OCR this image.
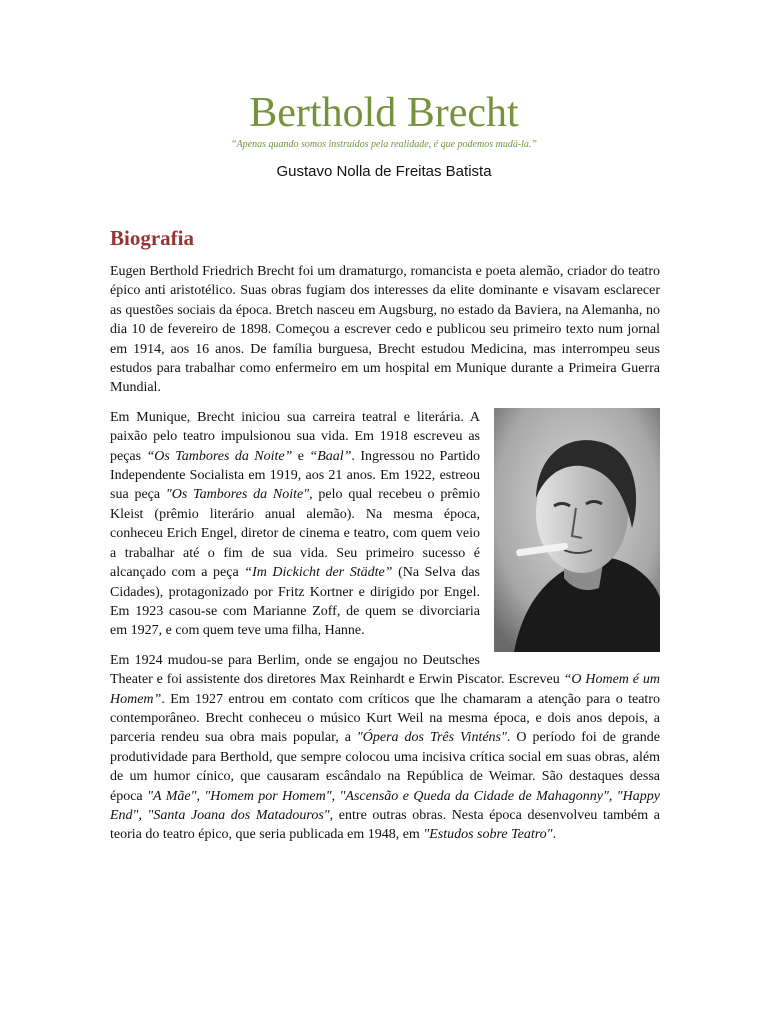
Berthold Brecht
“Apenas quando somos instruídos pela realidade, é que podemos mudá-la.”
Gustavo Nolla de Freitas Batista
Biografia

Eugen Berthold Friedrich Brecht foi um dramaturgo, romancista e poeta alemão, criador do teatro épico anti aristotélico. Suas obras fugiam dos interesses da elite dominante e visavam esclarecer as questões sociais da época. Bretch nasceu em Augsburg, no estado da Baviera, na Alemanha, no dia 10 de fevereiro de 1898. Começou a escrever cedo e publicou seu primeiro texto num jornal em 1914, aos 16 anos. De família burguesa, Brecht estudou Medicina, mas interrompeu seus estudos para trabalhar como enfermeiro em um hospital em Munique durante a Primeira Guerra Mundial.

Em Munique, Brecht iniciou sua carreira teatral e literária. A paixão pelo teatro impulsionou sua vida. Em 1918 escreveu as peças “Os Tambores da Noite” e “Baal”. Ingressou no Partido Independente Socialista em 1919, aos 21 anos. Em 1922, estreou sua peça "Os Tambores da Noite", pelo qual recebeu o prêmio Kleist (prêmio literário anual alemão). Na mesma época, conheceu Erich Engel, diretor de cinema e teatro, com quem veio a trabalhar até o fim de sua vida. Seu primeiro sucesso é alcançado com a peça “Im Dickicht der Städte” (Na Selva das Cidades), protagonizado por Fritz Kortner e dirigido por Engel. Em 1923 casou-se com Marianne Zoff, de quem se divorciaria em 1927, e com quem teve uma filha, Hanne.

Em 1924 mudou-se para Berlim, onde se engajou no Deutsches Theater e foi assistente dos diretores Max Reinhardt e Erwin Piscator. Escreveu “O Homem é um Homem”. Em 1927 entrou em contato com críticos que lhe chamaram a atenção para o teatro contemporâneo. Brecht conheceu o músico Kurt Weil na mesma época, e dois anos depois, a parceria rendeu sua obra mais popular, a "Ópera dos Três Vinténs". O período foi de grande produtividade para Berthold, que sempre colocou uma incisiva crítica social em suas obras, além de um humor cínico, que causaram escândalo na República de Weimar. São destaques dessa época "A Mãe", "Homem por Homem", "Ascensão e Queda da Cidade de Mahagonny", "Happy End", "Santa Joana dos Matadouros", entre outras obras. Nesta época desenvolveu também a teoria do teatro épico, que seria publicada em 1948, em "Estudos sobre Teatro".
